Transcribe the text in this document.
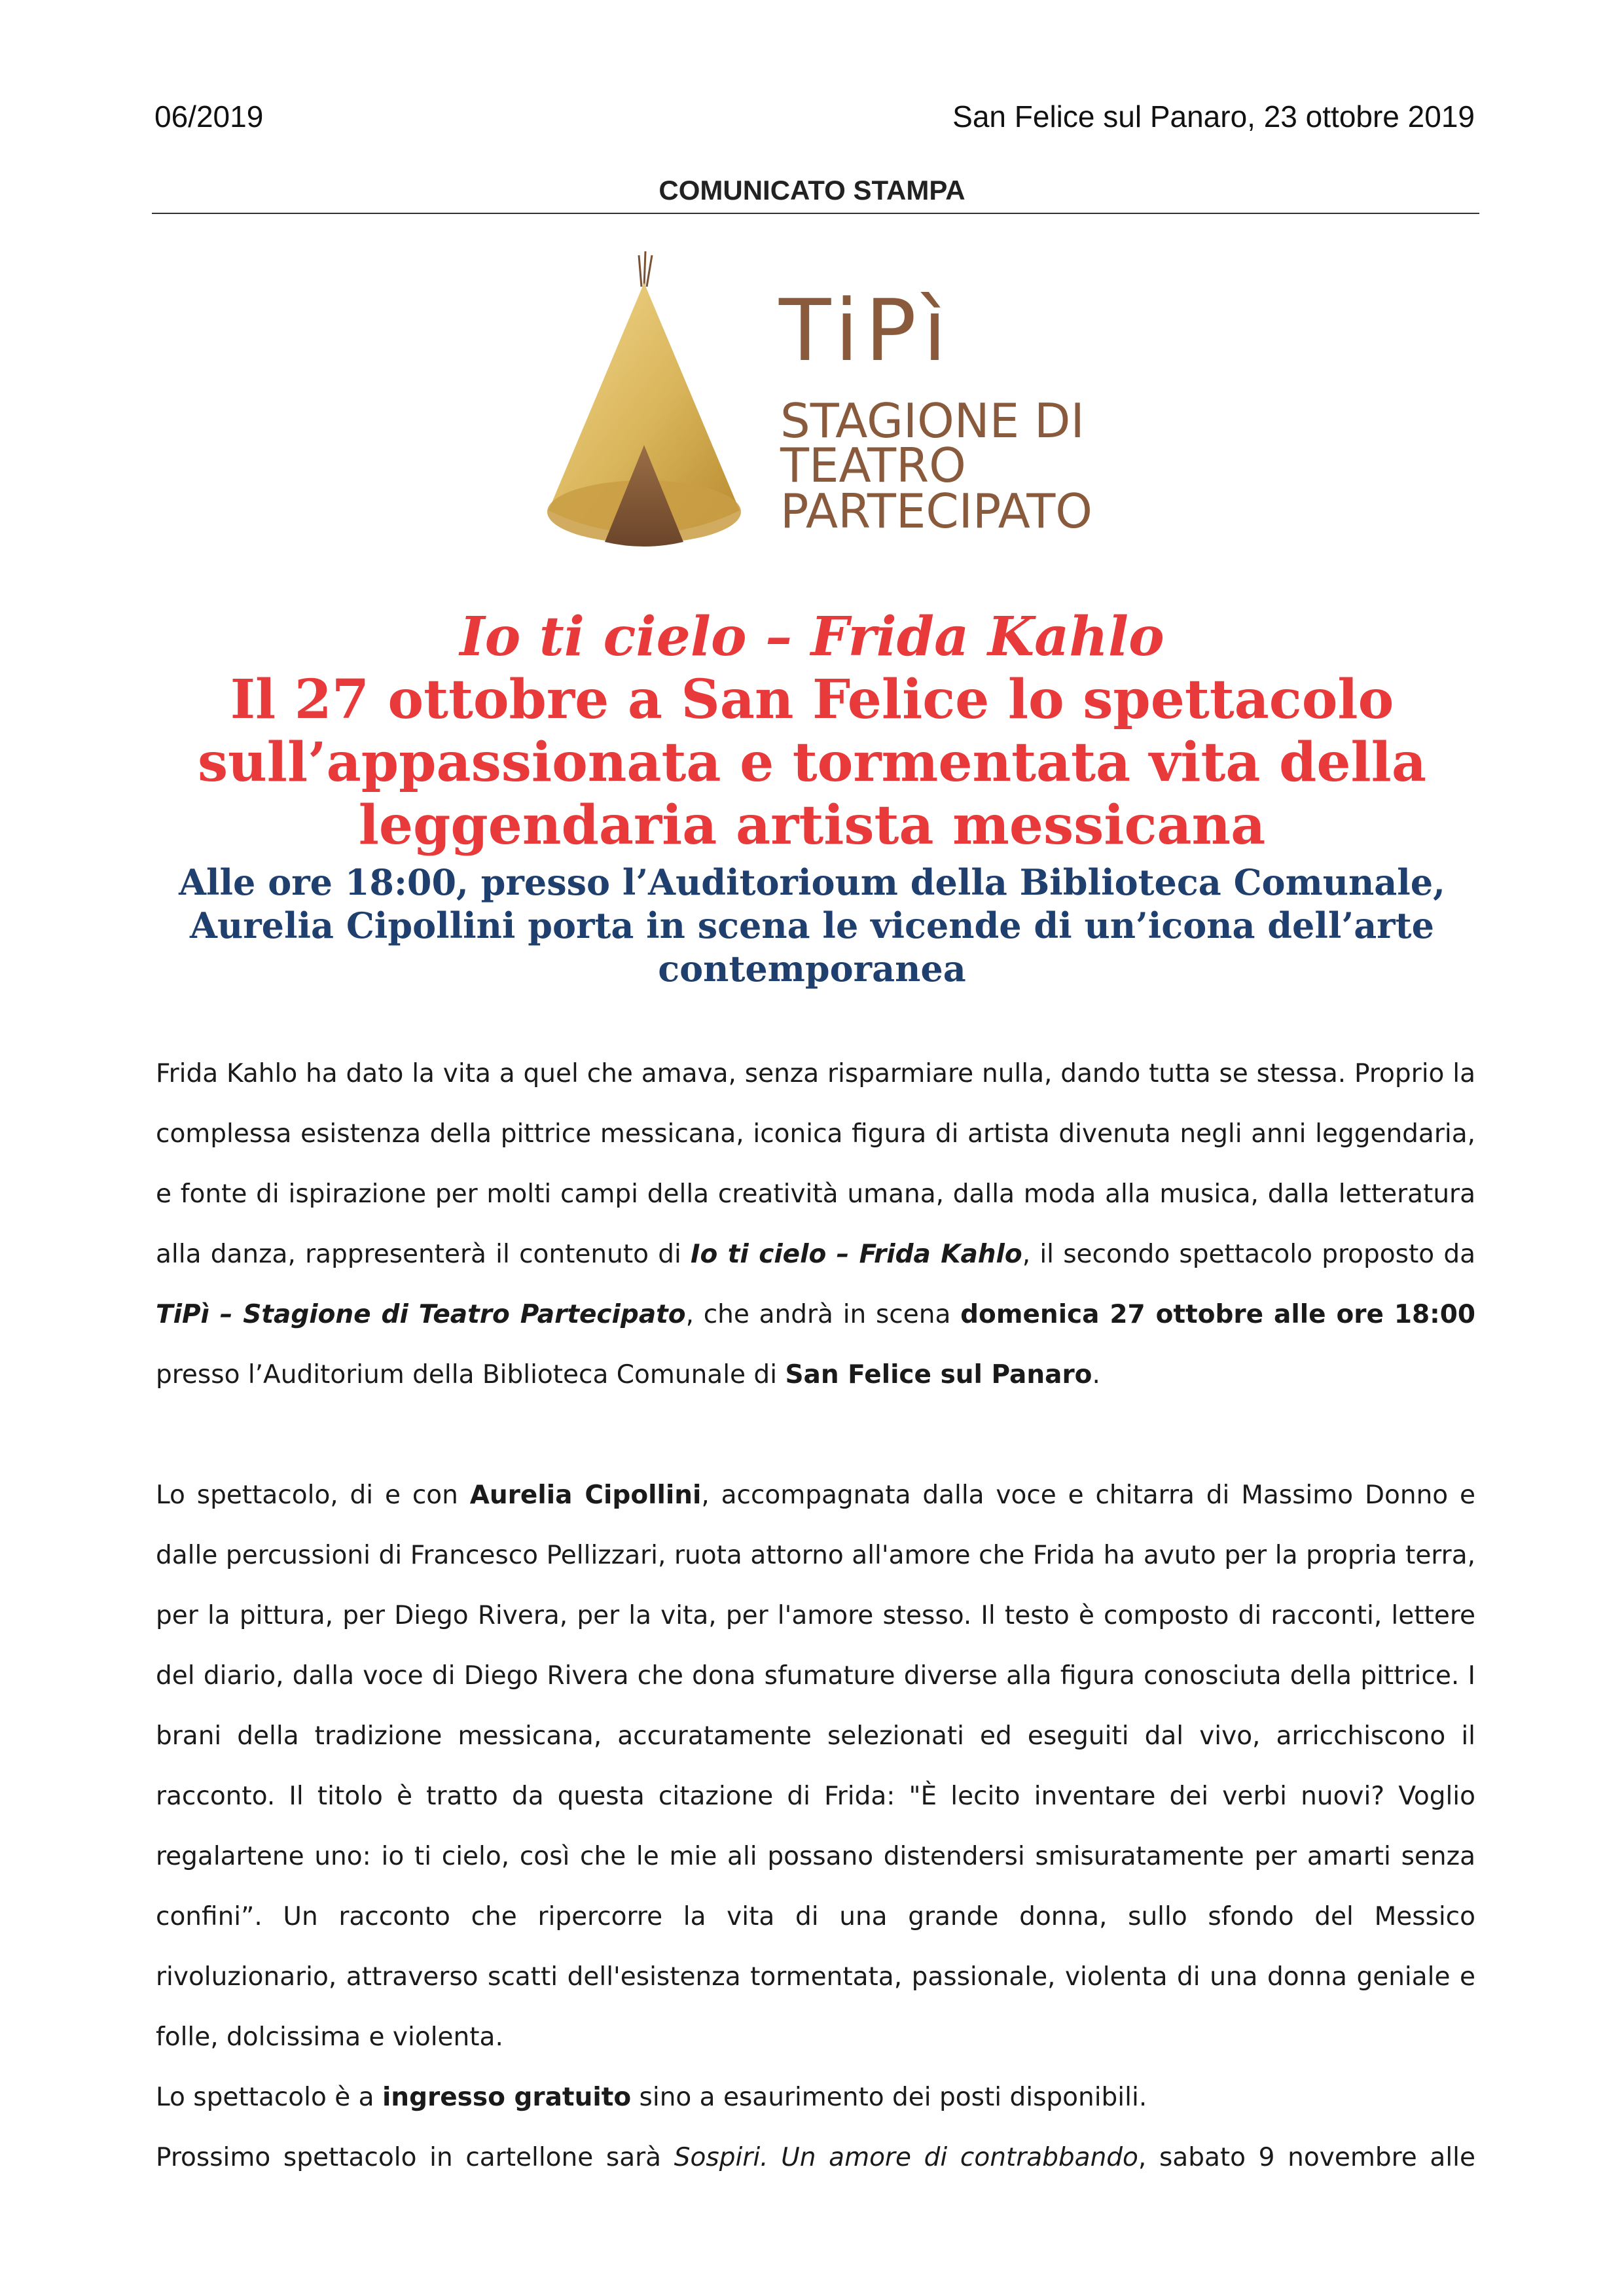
06/2019	San Felice sul Panaro, 23 ottobre 2019
COMUNICATO STAMPA
TiPì
STAGIONE DI
TEATRO
PARTECIPATO

Io ti cielo – Frida Kahlo

Il 27 ottobre a San Felice lo spettacolo

sull’appassionata e tormentata vita della

leggendaria artista messicana

Alle ore 18:00, presso l’Auditorioum della Biblioteca Comunale,

Aurelia Cipollini porta in scena le vicende di un’icona dell’arte

contemporanea

Frida Kahlo ha dato la vita a quel che amava, senza risparmiare nulla, dando tutta se stessa. Proprio la complessa esistenza della pittrice messicana, iconica figura di artista divenuta negli anni leggendaria, e fonte di ispirazione per molti campi della creatività umana, dalla moda alla musica, dalla letteratura alla danza, rappresenterà il contenuto di Io ti cielo – Frida Kahlo, il secondo spettacolo proposto da TiPì – Stagione di Teatro Partecipato, che andrà in scena domenica 27 ottobre alle ore 18:00 presso l’Auditorium della Biblioteca Comunale di San Felice sul Panaro.

Lo spettacolo, di e con Aurelia Cipollini, accompagnata dalla voce e chitarra di Massimo Donno e dalle percussioni di Francesco Pellizzari, ruota attorno all'amore che Frida ha avuto per la propria terra, per la pittura, per Diego Rivera, per la vita, per l'amore stesso. Il testo è composto di racconti, lettere del diario, dalla voce di Diego Rivera che dona sfumature diverse alla figura conosciuta della pittrice. I brani della tradizione messicana, accuratamente selezionati ed eseguiti dal vivo, arricchiscono il racconto. Il titolo è tratto da questa citazione di Frida: "È lecito inventare dei verbi nuovi? Voglio regalartene uno: io ti cielo, così che le mie ali possano distendersi smisuratamente per amarti senza confini”. Un racconto che ripercorre la vita di una grande donna, sullo sfondo del Messico rivoluzionario, attraverso scatti dell'esistenza tormentata, passionale, violenta di una donna geniale e folle, dolcissima e violenta.

Lo spettacolo è a ingresso gratuito sino a esaurimento dei posti disponibili.

Prossimo spettacolo in cartellone sarà Sospiri. Un amore di contrabbando, sabato 9 novembre alle
